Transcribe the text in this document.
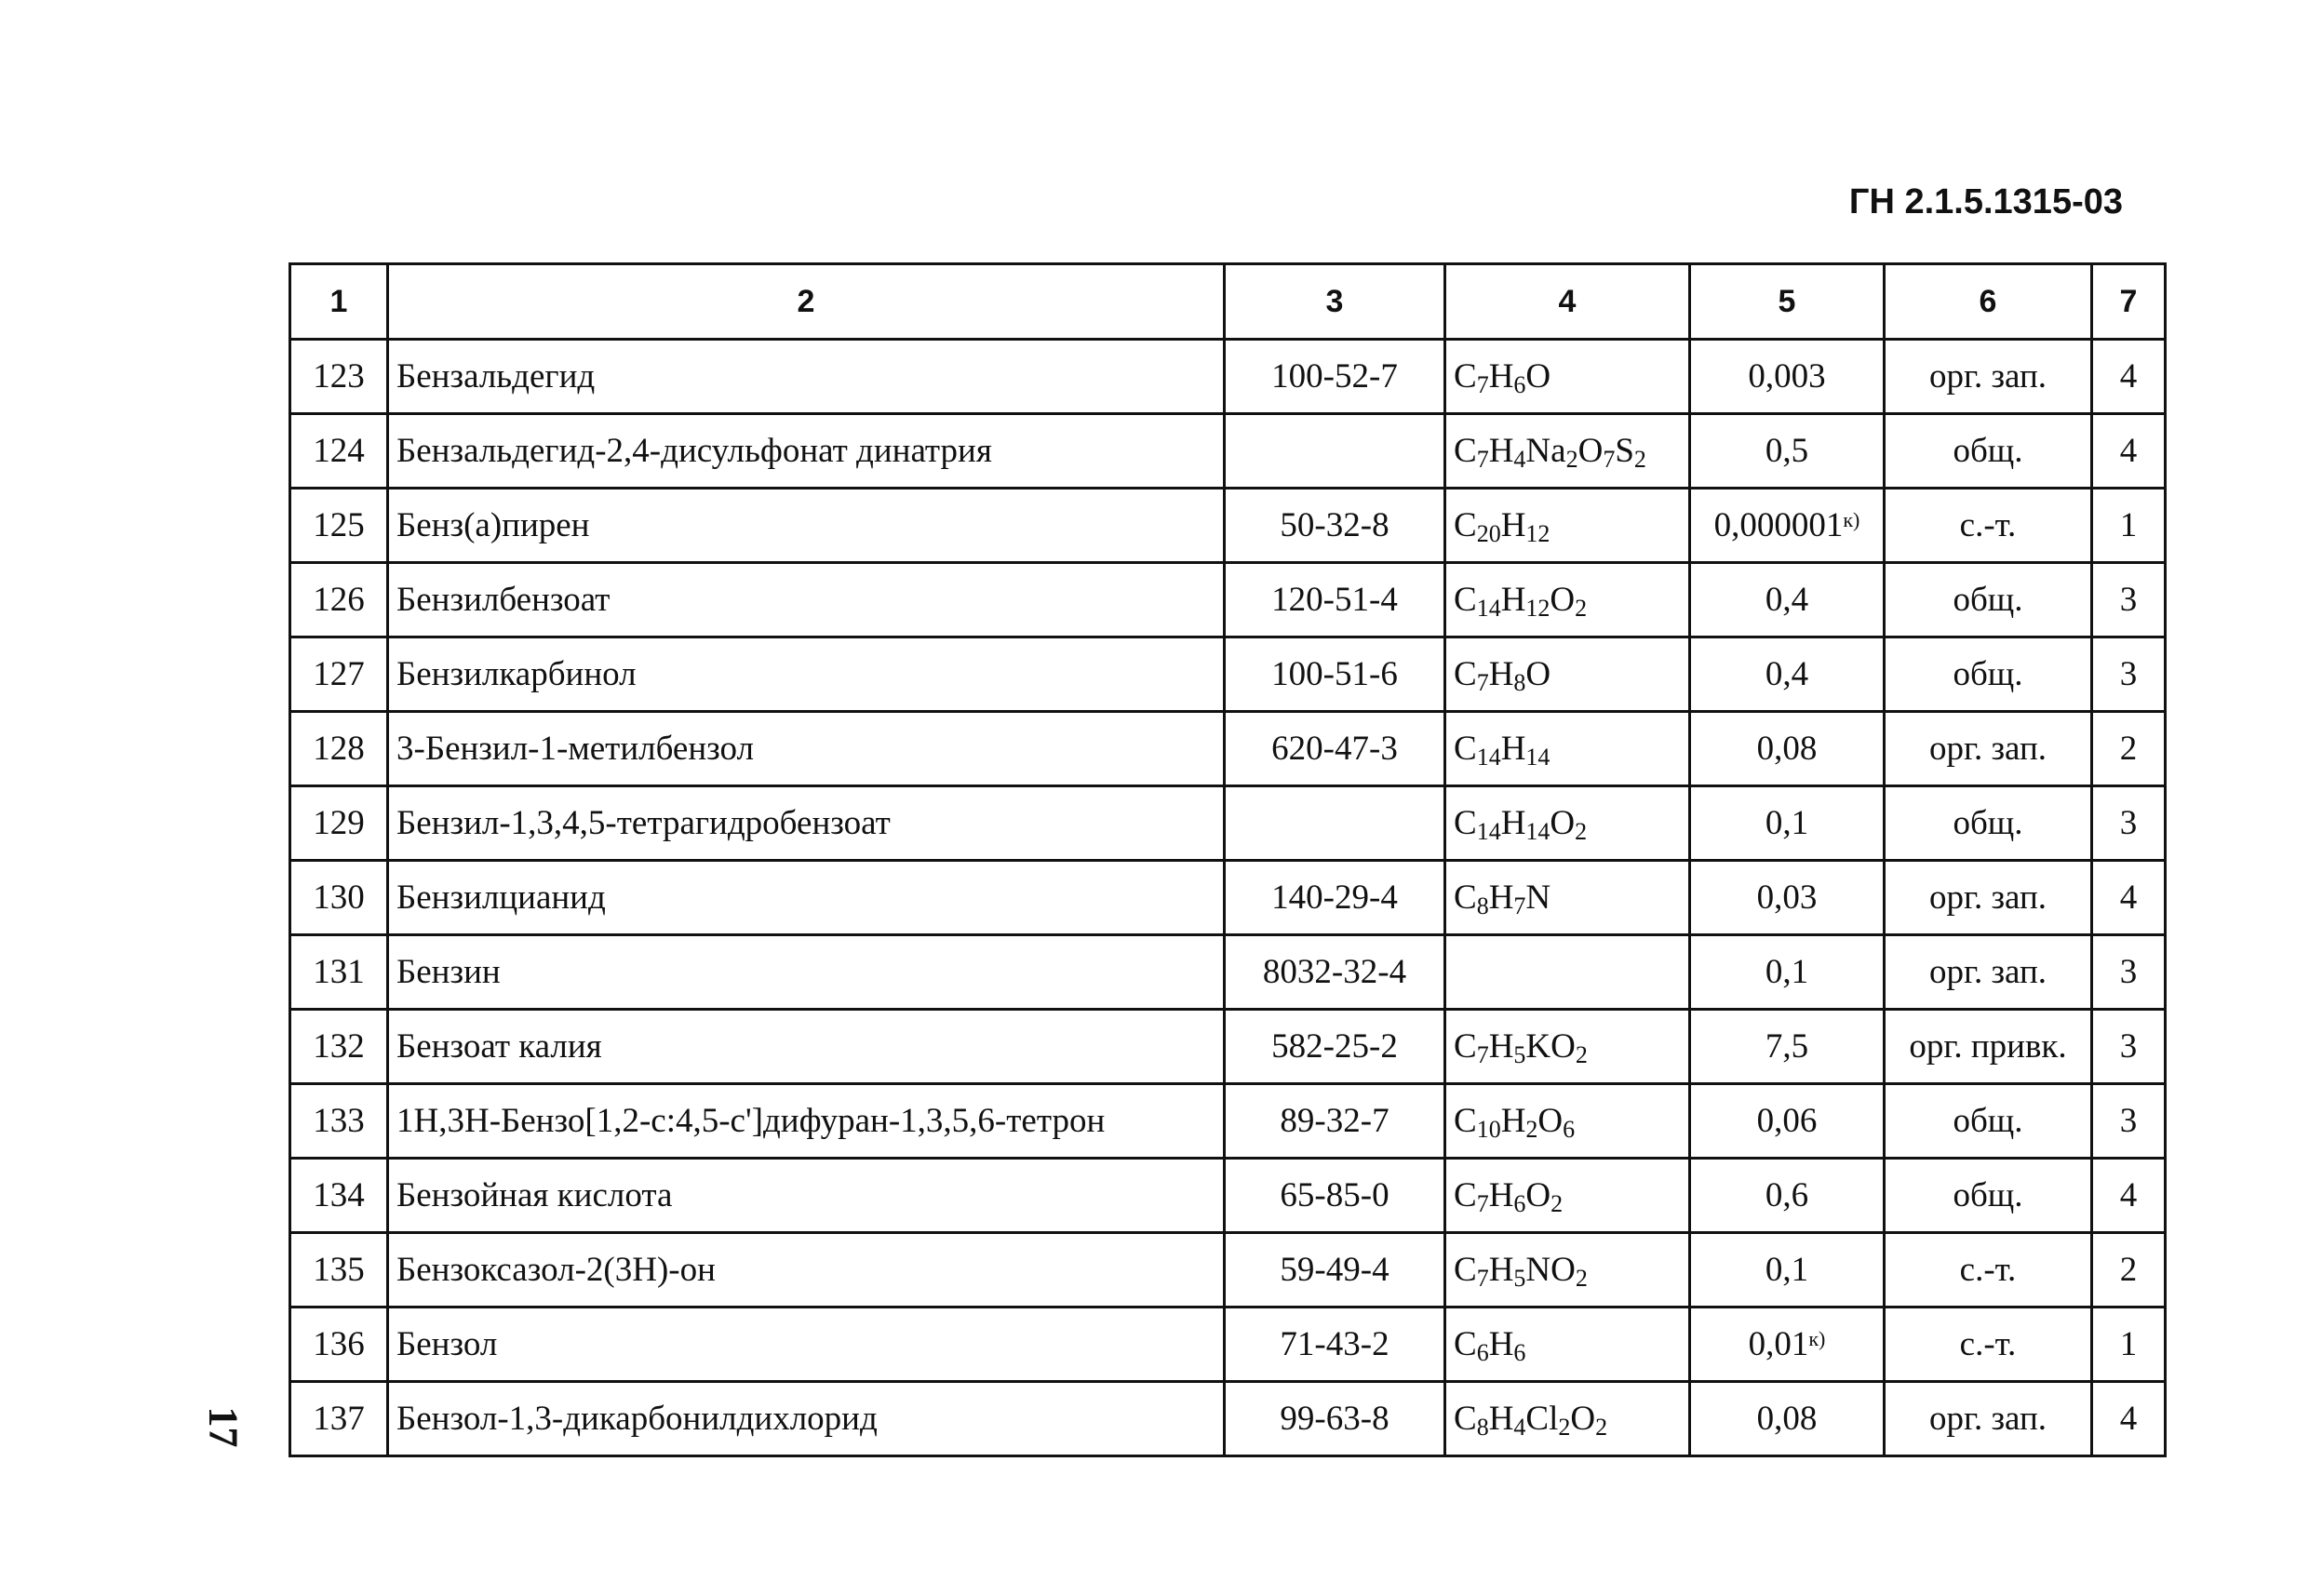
ГН 2.1.5.1315-03
17
1	2	3	4	5	6	7
123	Бензальдегид	100-52-7	$C_7H_6O$	0,003	орг. зап.	4
124	Бензальдегид-2,4-дисульфонат динатрия		$C_7H_4Na_2O_7S_2$	0,5	общ.	4
125	Бенз(а)пирен	50-32-8	$C_{20}H_{12}$	0,000001$^{к)}$	с.-т.	1
126	Бензилбензоат	120-51-4	$C_{14}H_{12}O_2$	0,4	общ.	3
127	Бензилкарбинол	100-51-6	$C_7H_8O$	0,4	общ.	3
128	3-Бензил-1-метилбензол	620-47-3	$C_{14}H_{14}$	0,08	орг. зап.	2
129	Бензил-1,3,4,5-тетрагидробензоат		$C_{14}H_{14}O_2$	0,1	общ.	3
130	Бензилцианид	140-29-4	$C_8H_7N$	0,03	орг. зап.	4
131	Бензин	8032-32-4		0,1	орг. зап.	3
132	Бензоат калия	582-25-2	$C_7H_5KO_2$	7,5	орг. привк.	3
133	1Н,3Н-Бензо[1,2-с:4,5-с']дифуран-1,3,5,6-тетрон	89-32-7	$C_{10}H_2O_6$	0,06	общ.	3
134	Бензойная кислота	65-85-0	$C_7H_6O_2$	0,6	общ.	4
135	Бензоксазол-2(3Н)-он	59-49-4	$C_7H_5NO_2$	0,1	с.-т.	2
136	Бензол	71-43-2	$C_6H_6$	0,01$^{к)}$	с.-т.	1
137	Бензол-1,3-дикарбонилдихлорид	99-63-8	$C_8H_4Cl_2O_2$	0,08	орг. зап.	4
